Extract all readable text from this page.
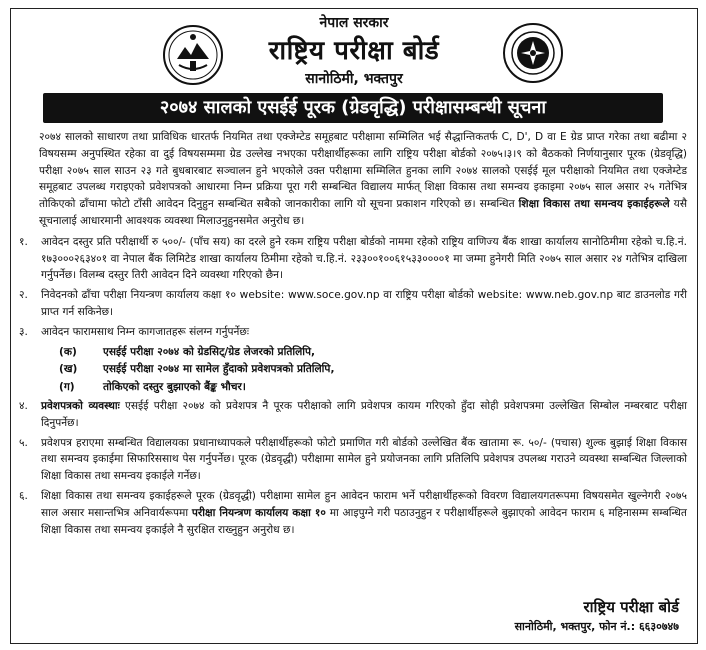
नेपाल सरकार
राष्ट्रिय परीक्षा बोर्ड
सानोठिमी, भक्तपुर
२०७४ सालको एसईई पूरक (ग्रेडवृद्धि) परीक्षासम्बन्धी सूचना

२०७४ सालको साधारण तथा प्राविधिक धारतर्फ नियमित तथा एक्जेम्टेड समूहबाट परीक्षामा सम्मिलित भई सैद्धान्तिकतर्फ C, D', D वा E ग्रेड प्राप्त गरेका तथा बढीमा २ विषयसम्म अनुपस्थित रहेका वा दुई विषयसम्ममा ग्रेड उल्लेख नभएका परीक्षार्थीहरूका लागि राष्ट्रिय परीक्षा बोर्डको २०७५।३।९ को बैठकको निर्णयानुसार पूरक (ग्रेडवृद्धि) परीक्षा २०७५ साल साउन २३ गते बुधबारबाट सञ्चालन हुने भएकोले उक्त परीक्षामा सम्मिलित हुनका लागि २०७४ सालको एसईई मूल परीक्षाको नियमित तथा एक्जेम्टेड समूहबाट उपलब्ध गराइएको प्रवेशपत्रको आधारमा निम्न प्रक्रिया पूरा गरी सम्बन्धित विद्यालय मार्फत् शिक्षा विकास तथा समन्वय इकाइमा २०७५ साल असार २५ गतेभित्र तोकिएको ढाँचामा फोटो टाँसी आवेदन दिनुहुन सम्बन्धित सबैको जानकारीका लागि यो सूचना प्रकाशन गरिएको छ। सम्बन्धित शिक्षा विकास तथा समन्वय इकाईहरूले यसै सूचनालाई आधारमानी आवश्यक व्यवस्था मिलाउनुहुनसमेत अनुरोध छ।

१.	आवेदन दस्तुर प्रति परीक्षार्थी रु ५००/- (पाँच सय) का दरले हुने रकम राष्ट्रिय परीक्षा बोर्डको नाममा रहेको राष्ट्रिय वाणिज्य बैंक शाखा कार्यालय सानोठिमीमा रहेको च.हि.नं. १७३०००२६३४०१ वा नेपाल बैंक लिमिटेड शाखा कार्यालय ठिमीमा रहेको च.हि.नं. २३३००१००६१५३३००००१ मा जम्मा हुनेगरी मिति २०७५ साल असार २४ गतेभित्र दाखिला गर्नुपर्नेछ। विलम्ब दस्तुर तिरी आवेदन दिने व्यवस्था गरिएको छैन।
२.	निवेदनको ढाँचा परीक्षा नियन्त्रण कार्यालय कक्षा १० website: www.soce.gov.np वा राष्ट्रिय परीक्षा बोर्डको website: www.neb.gov.np बाट डाउनलोड गरी प्राप्त गर्न सकिनेछ।
३.	आवेदन फारामसाथ निम्न कागजातहरू संलग्न गर्नुपर्नेछः
(क)	एसईई परीक्षा २०७४ को ग्रेडसिट्/ग्रेड लेजरको प्रतिलिपि,
(ख)	एसईई परीक्षा २०७४ मा सामेल हुँदाको प्रवेशपत्रको प्रतिलिपि,
(ग)	तोकिएको दस्तुर बुझाएको बैंङ्क भौचर।
४.	प्रवेशपत्रको व्यवस्थाः एसईई परीक्षा २०७४ को प्रवेशपत्र नै पूरक परीक्षाको लागि प्रवेशपत्र कायम गरिएको हुँदा सोही प्रवेशपत्रमा उल्लेखित सिम्बोल नम्बरबाट परीक्षा दिनुपर्नेछ।
५.	प्रवेशपत्र हराएमा सम्बन्धित विद्यालयका प्रधानाध्यापकले परीक्षार्थीहरूको फोटो प्रमाणित गरी बोर्डको उल्लेखित बैंक खातामा रू. ५०/- (पचास) शुल्क बुझाई शिक्षा विकास तथा समन्वय इकाईमा सिफारिससाथ पेस गर्नुपर्नेछ। पूरक (ग्रेडवृद्धी) परीक्षामा सामेल हुने प्रयोजनका लागि प्रतिलिपि प्रवेशपत्र उपलब्ध गराउने व्यवस्था सम्बन्धित जिल्लाको शिक्षा विकास तथा समन्वय इकाईले गर्नेछ।
६.	शिक्षा विकास तथा समन्वय इकाईहरूले पूरक (ग्रेडवृद्धी) परीक्षामा सामेल हुन आवेदन फाराम भर्ने परीक्षार्थीहरूको विवरण विद्यालयगतरूपमा विषयसमेत खुल्नेगरी २०७५ साल असार मसान्तभित्र अनिवार्यरूपमा परीक्षा नियन्त्रण कार्यालय कक्षा १० मा आइपुग्ने गरी पठाउनुहुन र परीक्षार्थीहरूले बुझाएको आवेदन फाराम ६ महिनासम्म सम्बन्धित शिक्षा विकास तथा समन्वय इकाईले नै सुरक्षित राख्नुहुन अनुरोध छ।
राष्ट्रिय परीक्षा बोर्ड
सानोठिमी, भक्तपुर, फोन नं.: ६६३०७४७
